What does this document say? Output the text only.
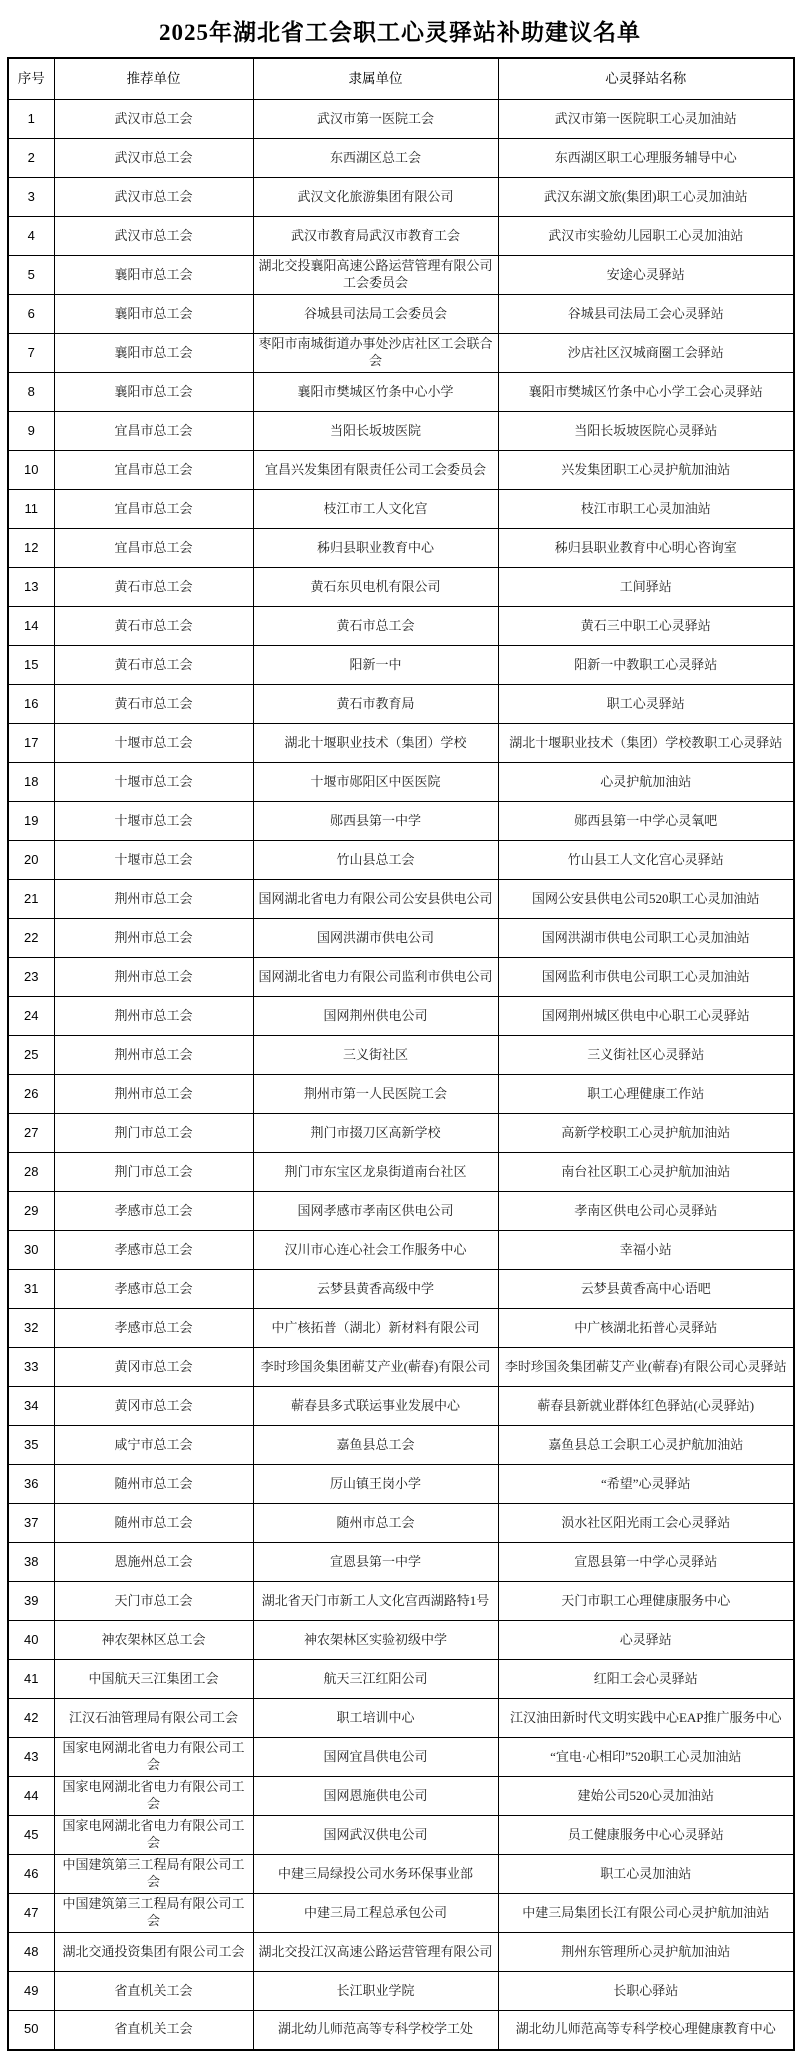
2025年湖北省工会职工心灵驿站补助建议名单
序号	推荐单位	隶属单位	心灵驿站名称
1	武汉市总工会	武汉市第一医院工会	武汉市第一医院职工心灵加油站
2	武汉市总工会	东西湖区总工会	东西湖区职工心理服务辅导中心
3	武汉市总工会	武汉文化旅游集团有限公司	武汉东湖文旅(集团)职工心灵加油站
4	武汉市总工会	武汉市教育局武汉市教育工会	武汉市实验幼儿园职工心灵加油站
5	襄阳市总工会	湖北交投襄阳高速公路运营管理有限公司工会委员会	安途心灵驿站
6	襄阳市总工会	谷城县司法局工会委员会	谷城县司法局工会心灵驿站
7	襄阳市总工会	枣阳市南城街道办事处沙店社区工会联合会	沙店社区汉城商圈工会驿站
8	襄阳市总工会	襄阳市樊城区竹条中心小学	襄阳市樊城区竹条中心小学工会心灵驿站
9	宜昌市总工会	当阳长坂坡医院	当阳长坂坡医院心灵驿站
10	宜昌市总工会	宜昌兴发集团有限责任公司工会委员会	兴发集团职工心灵护航加油站
11	宜昌市总工会	枝江市工人文化宫	枝江市职工心灵加油站
12	宜昌市总工会	秭归县职业教育中心	秭归县职业教育中心明心咨询室
13	黄石市总工会	黄石东贝电机有限公司	工间驿站
14	黄石市总工会	黄石市总工会	黄石三中职工心灵驿站
15	黄石市总工会	阳新一中	阳新一中教职工心灵驿站
16	黄石市总工会	黄石市教育局	职工心灵驿站
17	十堰市总工会	湖北十堰职业技术（集团）学校	湖北十堰职业技术（集团）学校教职工心灵驿站
18	十堰市总工会	十堰市郧阳区中医医院	心灵护航加油站
19	十堰市总工会	郧西县第一中学	郧西县第一中学心灵氧吧
20	十堰市总工会	竹山县总工会	竹山县工人文化宫心灵驿站
21	荆州市总工会	国网湖北省电力有限公司公安县供电公司	国网公安县供电公司520职工心灵加油站
22	荆州市总工会	国网洪湖市供电公司	国网洪湖市供电公司职工心灵加油站
23	荆州市总工会	国网湖北省电力有限公司监利市供电公司	国网监利市供电公司职工心灵加油站
24	荆州市总工会	国网荆州供电公司	国网荆州城区供电中心职工心灵驿站
25	荆州市总工会	三义街社区	三义街社区心灵驿站
26	荆州市总工会	荆州市第一人民医院工会	职工心理健康工作站
27	荆门市总工会	荆门市掇刀区高新学校	高新学校职工心灵护航加油站
28	荆门市总工会	荆门市东宝区龙泉街道南台社区	南台社区职工心灵护航加油站
29	孝感市总工会	国网孝感市孝南区供电公司	孝南区供电公司心灵驿站
30	孝感市总工会	汉川市心连心社会工作服务中心	幸福小站
31	孝感市总工会	云梦县黄香高级中学	云梦县黄香高中心语吧
32	孝感市总工会	中广核拓普（湖北）新材料有限公司	中广核湖北拓普心灵驿站
33	黄冈市总工会	李时珍国灸集团蕲艾产业(蕲春)有限公司	李时珍国灸集团蕲艾产业(蕲春)有限公司心灵驿站
34	黄冈市总工会	蕲春县多式联运事业发展中心	蕲春县新就业群体红色驿站(心灵驿站)
35	咸宁市总工会	嘉鱼县总工会	嘉鱼县总工会职工心灵护航加油站
36	随州市总工会	厉山镇王岗小学	“希望”心灵驿站
37	随州市总工会	随州市总工会	涢水社区阳光雨工会心灵驿站
38	恩施州总工会	宣恩县第一中学	宣恩县第一中学心灵驿站
39	天门市总工会	湖北省天门市新工人文化宫西湖路特1号	天门市职工心理健康服务中心
40	神农架林区总工会	神农架林区实验初级中学	心灵驿站
41	中国航天三江集团工会	航天三江红阳公司	红阳工会心灵驿站
42	江汉石油管理局有限公司工会	职工培训中心	江汉油田新时代文明实践中心EAP推广服务中心
43	国家电网湖北省电力有限公司工会	国网宜昌供电公司	“宜电·心相印”520职工心灵加油站
44	国家电网湖北省电力有限公司工会	国网恩施供电公司	建始公司520心灵加油站
45	国家电网湖北省电力有限公司工会	国网武汉供电公司	员工健康服务中心心灵驿站
46	中国建筑第三工程局有限公司工会	中建三局绿投公司水务环保事业部	职工心灵加油站
47	中国建筑第三工程局有限公司工会	中建三局工程总承包公司	中建三局集团长江有限公司心灵护航加油站
48	湖北交通投资集团有限公司工会	湖北交投江汉高速公路运营管理有限公司	荆州东管理所心灵护航加油站
49	省直机关工会	长江职业学院	长职心驿站
50	省直机关工会	湖北幼儿师范高等专科学校学工处	湖北幼儿师范高等专科学校心理健康教育中心
